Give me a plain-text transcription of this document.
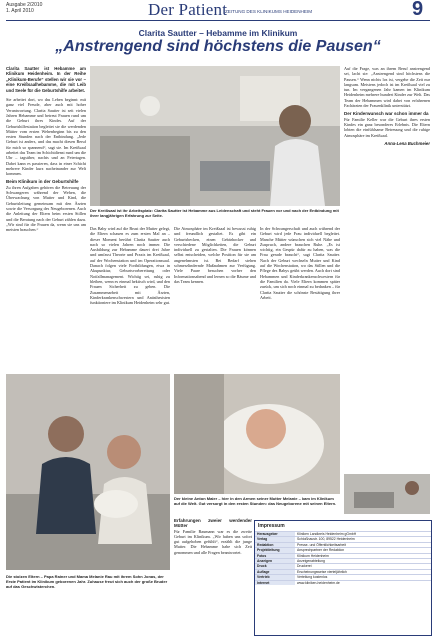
Ausgabe 2/2010
1. April 2010	Der Patient
ZEITUNG DES KLINIKUMS HEIDENHEIM	9
Clarita Sautter – Hebamme im Klinikum
„Anstrengend sind höchstens die Pausen“
Clarita Sautter ist Hebamme am Klinikum Heidenheim. In der Reihe „Klinikum-Berufe“ stellen wir sie vor – eine Kreißsaalhebamme, die mit Leib und Seele für die Geburtshilfe arbeitet.
Sie arbeitet dort, wo das Leben beginnt: mit ganz viel Freude, aber auch mit hoher Verantwortung. Clarita Sautter ist seit vielen Jahren Hebamme und betreut Frauen rund um die Geburt ihres Kindes. Auf der Geburtshilfestation begleitet sie die werdenden Mütter vom ersten Wehenbeginn bis zu den ersten Stunden nach der Entbindung. „Jede Geburt ist anders, und das macht diesen Beruf für mich so spannend“, sagt sie. Im Kreißsaal arbeitet das Team im Schichtdienst rund um die Uhr – tagsüber, nachts und an Feiertagen. Dabei kann es passieren, dass in einer Schicht mehrere Kinder kurz nacheinander zur Welt kommen.
Beim Klinikum in der Geburtshilfe
Zu ihren Aufgaben gehören die Betreuung der Schwangeren während der Wehen, die Überwachung von Mutter und Kind, die Geburtsleitung gemeinsam mit den Ärzten sowie die Versorgung des Neugeborenen. Auch die Anleitung der Eltern beim ersten Stillen und die Beratung nach der Geburt zählen dazu. „Wir sind für die Frauen da, wenn sie uns am meisten brauchen.“
Der Kreißsaal ist ihr Arbeitsplatz: Clarita Sautter ist Hebamme aus Leidenschaft und steht Frauen vor und nach der Entbindung mit ihrer langjährigen Erfahrung zur Seite.
Das Baby wird auf die Brust der Mutter gelegt, die Eltern schauen es zum ersten Mal an – dieser Moment berührt Clarita Sautter auch nach so vielen Jahren noch immer. Die Ausbildung zur Hebamme dauert drei Jahre und umfasst Theorie und Praxis im Kreißsaal, auf der Wochenstation und im Operationssaal. Danach folgen viele Fortbildungen, etwa in Akupunktur, Geburtsvorbereitung oder Notfallmanagement. Wichtig sei, ruhig zu bleiben, wenn es einmal hektisch wird, und den Frauen Sicherheit zu geben. Die Zusammenarbeit mit Ärzten, Kinderkrankenschwestern und Anästhesisten funktioniere im Klinikum Heidenheim sehr gut.
Die Atmosphäre im Kreißsaal ist bewusst ruhig und freundlich gestaltet. Es gibt ein Geburtsbecken, einen Gebärhocker und verschiedene Möglichkeiten, die Geburt individuell zu gestalten. Die Frauen können selbst entscheiden, welche Position für sie am angenehmsten ist. Bei Bedarf stehen schmerzlindernde Maßnahmen zur Verfügung. Viele Paare besuchen vorher den Informationsabend und lernen so die Räume und das Team kennen.
Auf die Frage, was an ihrem Beruf anstrengend sei, lacht sie: „Anstrengend sind höchstens die Pausen.“ Wenn nichts los ist, vergehe die Zeit nur langsam. Meistens jedoch ist im Kreißsaal viel zu tun. Im vergangenen Jahr kamen im Klinikum Heidenheim mehrere hundert Kinder zur Welt. Das Team der Hebammen wird dabei von erfahrenen Fachärzten der Frauenklinik unterstützt.
Der Kinderwunsch war schon immer da
Für Familie Keller war die Geburt ihres ersten Kindes ein ganz besonderes Erlebnis. Die Eltern lobten die einfühlsame Betreuung und die ruhige Atmosphäre im Kreißsaal.
Anna-Lena Buchmeier
Der kleine Anton Maier – hier in den Armen seiner Mutter Melanie – kam im Klinikum auf die Welt. Gut versorgt in den ersten Stunden: das Neugeborene mit seinen Eltern.
Erfahrungen zweier werdender Mütter
Für Familie Baumann war es die zweite Geburt im Klinikum. „Wir haben uns sofort gut aufgehoben gefühlt“, erzählt die junge Mutter. Die Hebamme habe sich Zeit genommen und alle Fragen beantwortet.
In der Schwangerschaft und auch während der Geburt wird jede Frau individuell begleitet. Manche Mütter wünschen sich viel Nähe und Zuspruch, andere brauchen Ruhe. „Es ist wichtig, ein Gespür dafür zu haben, was die Frau gerade braucht“, sagt Clarita Sautter. Nach der Geburt wechseln Mutter und Kind auf die Wochenstation, wo das Stillen und die Pflege des Babys geübt werden. Auch dort sind Hebammen und Kinderkrankenschwestern für die Familien da. Viele Eltern kommen später zurück, um sich noch einmal zu bedanken – für Clarita Sautter die schönste Bestätigung ihrer Arbeit.
Die stolzen Eltern – Papa Rainer und Mama Melanie Rau mit ihrem Sohn Jonas, der Erste Patient im Klinikum geborenen Jahr. Zuhause freut sich auch der große Bruder auf das Geschwisterchen.
Impressum
Herausgeber	Kliniken Landkreis Heidenheim gGmbH
Verlag	Schloßhaustr. 100, 89522 Heidenheim
Redaktion	Presse- und Öffentlichkeitsarbeit
Projektleitung	Ansprechpartner der Redaktion
Fotos	Klinikum Heidenheim
Anzeigen	Anzeigenabteilung
Druck	Druckerei
Auflage	Erscheinungsweise vierteljährlich
Vertrieb	Verteilung kostenlos
Internet	www.kliniken-heidenheim.de
